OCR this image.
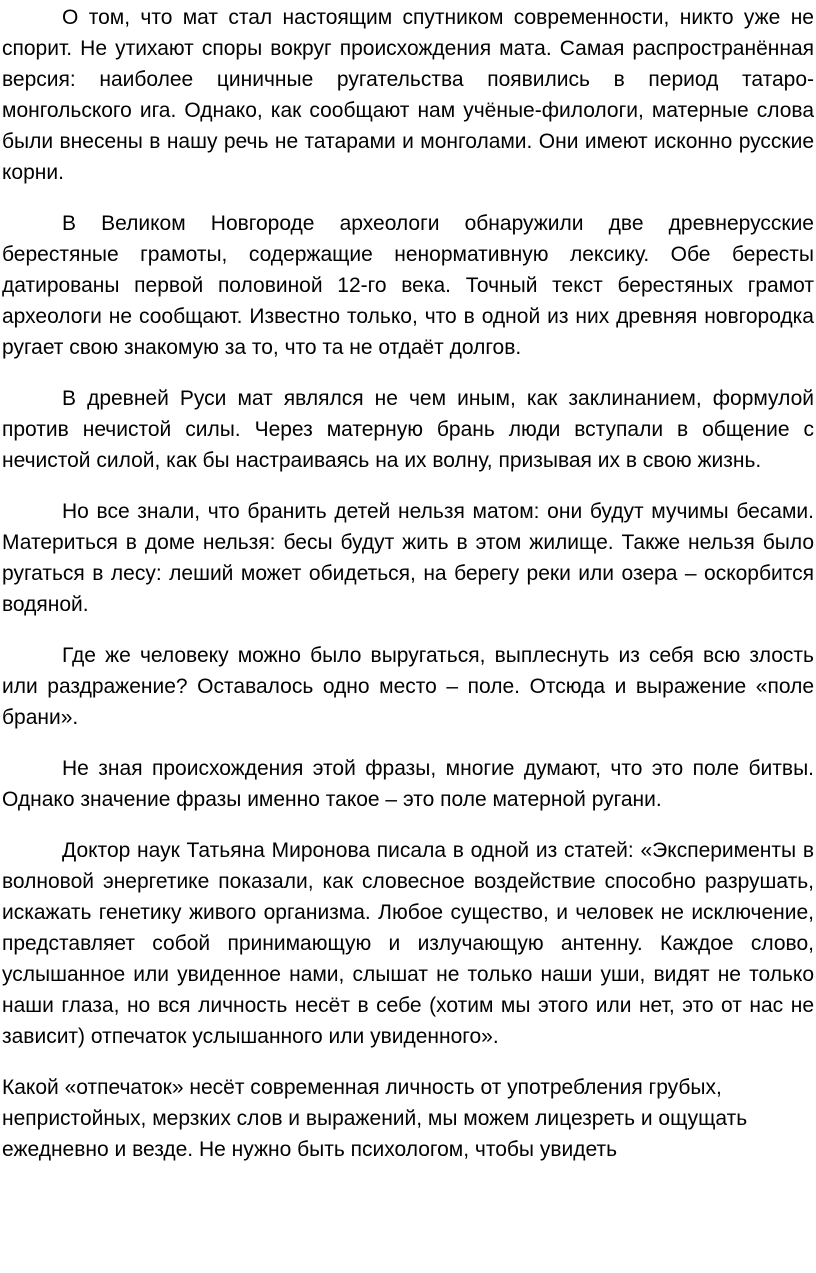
О том, что мат стал настоящим спутником современности, никто уже не спорит. Не утихают споры вокруг происхождения мата. Самая распространённая версия: наиболее циничные ругательства появились в период татаро-монгольского ига. Однако, как сообщают нам учёные-филологи, матерные слова были внесены в нашу речь не татарами и монголами. Они имеют исконно русские корни.

В Великом Новгороде археологи обнаружили две древнерусские берестяные грамоты, содержащие ненормативную лексику. Обе бересты датированы первой половиной 12-го века. Точный текст берестяных грамот археологи не сообщают. Известно только, что в одной из них древняя новгородка ругает свою знакомую за то, что та не отдаёт долгов.

В древней Руси мат являлся не чем иным, как заклинанием, формулой против нечистой силы. Через матерную брань люди вступали в общение с нечистой силой, как бы настраиваясь на их волну, призывая их в свою жизнь.

Но все знали, что бранить детей нельзя матом: они будут мучимы бесами. Материться в доме нельзя: бесы будут жить в этом жилище. Также нельзя было ругаться в лесу: леший может обидеться, на берегу реки или озера – оскорбится водяной.

Где же человеку можно было выругаться, выплеснуть из себя всю злость или раздражение? Оставалось одно место – поле. Отсюда и выражение «поле брани».

Не зная происхождения этой фразы, многие думают, что это поле битвы. Однако значение фразы именно такое – это поле матерной ругани.

Доктор наук Татьяна Миронова писала в одной из статей: «Эксперименты в волновой энергетике показали, как словесное воздействие способно разрушать, искажать генетику живого организма. Любое существо, и человек не исключение, представляет собой принимающую и излучающую антенну. Каждое слово, услышанное или увиденное нами, слышат не только наши уши, видят не только наши глаза, но вся личность несёт в себе (хотим мы этого или нет, это от нас не зависит) отпечаток услышанного или увиденного».

Какой «отпечаток» несёт современная личность от употребления грубых, непристойных, мерзких слов и выражений, мы можем лицезреть и ощущать ежедневно и везде. Не нужно быть психологом, чтобы увидеть
